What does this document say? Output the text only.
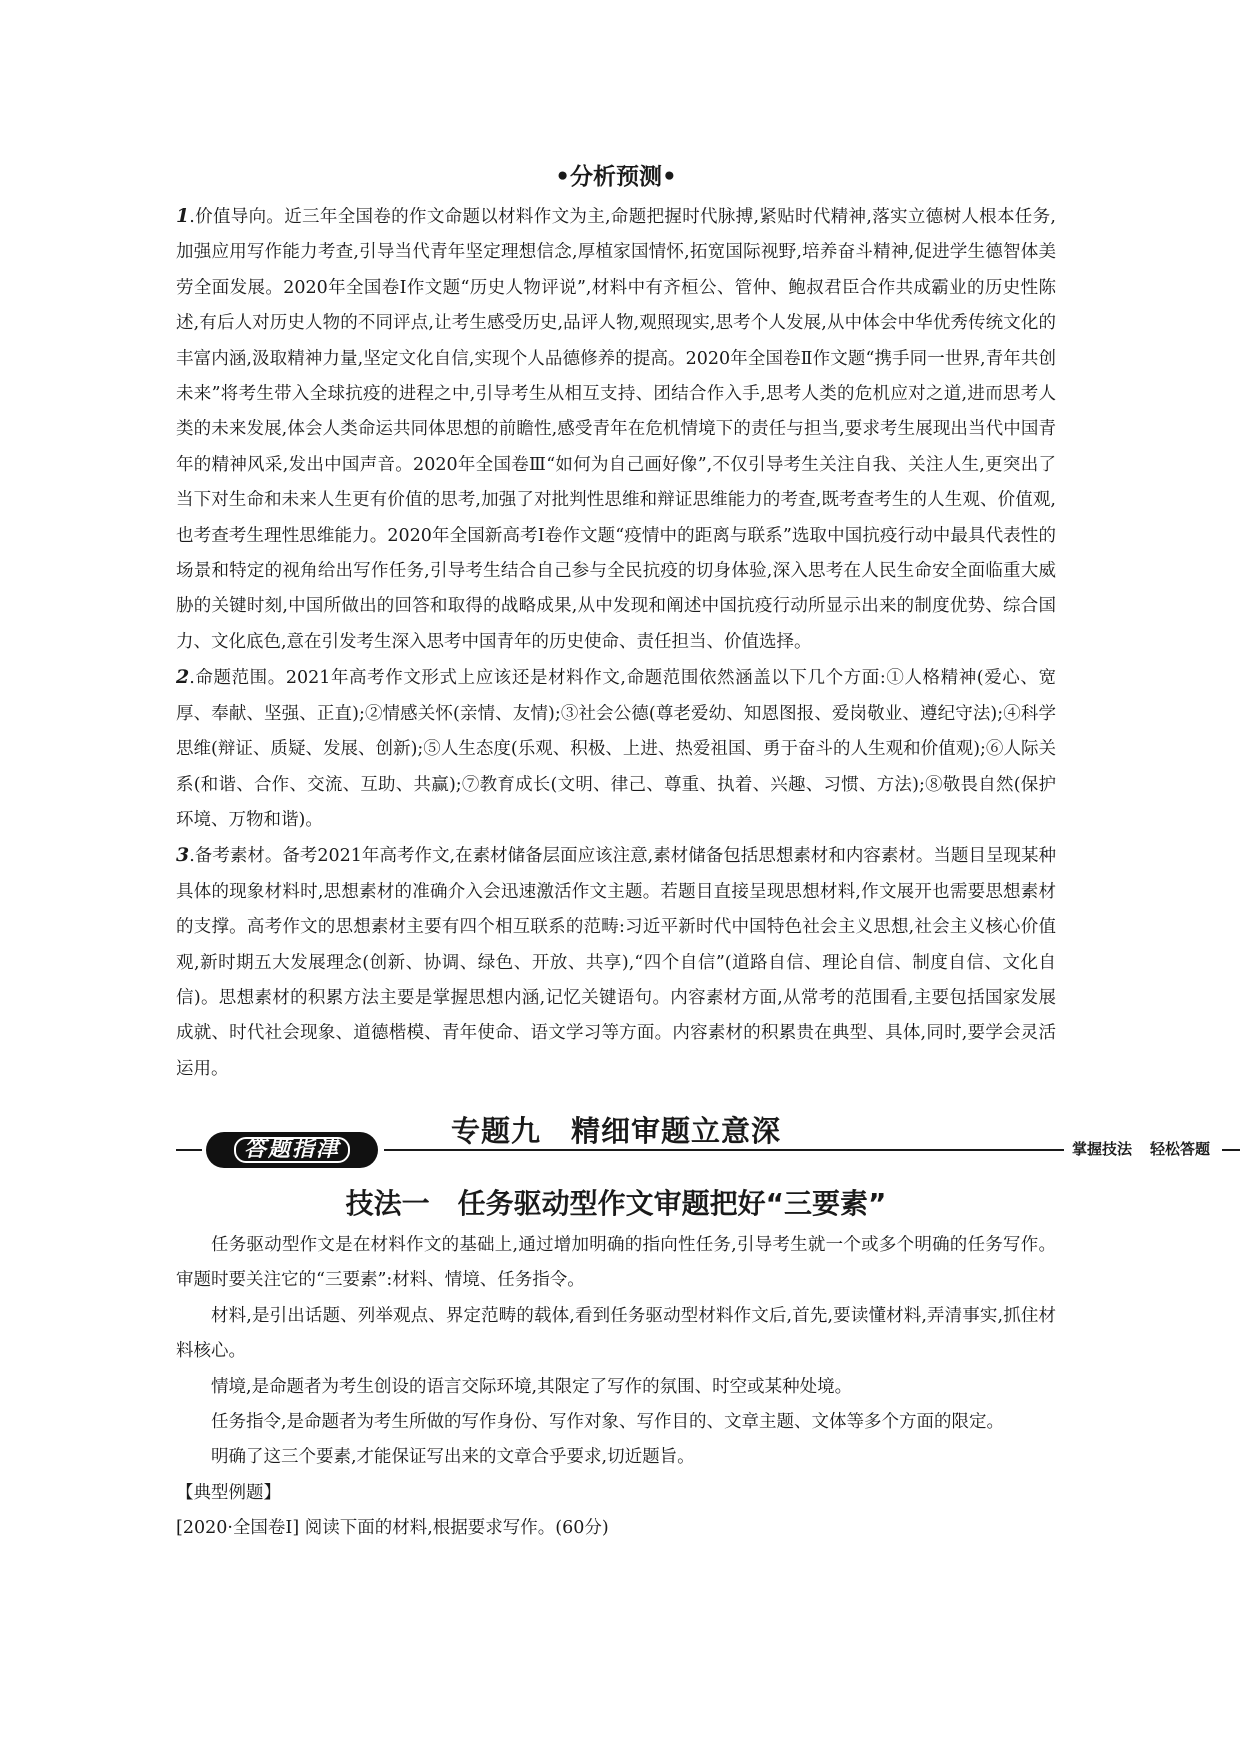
•分析预测•

1.价值导向。近三年全国卷的作文命题以材料作文为主,命题把握时代脉搏,紧贴时代精神,落实立德树人根本任务,加强应用写作能力考查,引导当代青年坚定理想信念,厚植家国情怀,拓宽国际视野,培养奋斗精神,促进学生德智体美劳全面发展。2020年全国卷Ⅰ作文题“历史人物评说”,材料中有齐桓公、管仲、鲍叔君臣合作共成霸业的历史性陈述,有后人对历史人物的不同评点,让考生感受历史,品评人物,观照现实,思考个人发展,从中体会中华优秀传统文化的丰富内涵,汲取精神力量,坚定文化自信,实现个人品德修养的提高。2020年全国卷Ⅱ作文题“携手同一世界,青年共创未来”将考生带入全球抗疫的进程之中,引导考生从相互支持、团结合作入手,思考人类的危机应对之道,进而思考人类的未来发展,体会人类命运共同体思想的前瞻性,感受青年在危机情境下的责任与担当,要求考生展现出当代中国青年的精神风采,发出中国声音。2020年全国卷Ⅲ“如何为自己画好像”,不仅引导考生关注自我、关注人生,更突出了当下对生命和未来人生更有价值的思考,加强了对批判性思维和辩证思维能力的考查,既考查考生的人生观、价值观,也考查考生理性思维能力。2020年全国新高考Ⅰ卷作文题“疫情中的距离与联系”选取中国抗疫行动中最具代表性的场景和特定的视角给出写作任务,引导考生结合自己参与全民抗疫的切身体验,深入思考在人民生命安全面临重大威胁的关键时刻,中国所做出的回答和取得的战略成果,从中发现和阐述中国抗疫行动所显示出来的制度优势、综合国力、文化底色,意在引发考生深入思考中国青年的历史使命、责任担当、价值选择。

2.命题范围。2021年高考作文形式上应该还是材料作文,命题范围依然涵盖以下几个方面:①人格精神(爱心、宽厚、奉献、坚强、正直);②情感关怀(亲情、友情);③社会公德(尊老爱幼、知恩图报、爱岗敬业、遵纪守法);④科学思维(辩证、质疑、发展、创新);⑤人生态度(乐观、积极、上进、热爱祖国、勇于奋斗的人生观和价值观);⑥人际关系(和谐、合作、交流、互助、共赢);⑦教育成长(文明、律己、尊重、执着、兴趣、习惯、方法);⑧敬畏自然(保护环境、万物和谐)。

3.备考素材。备考2021年高考作文,在素材储备层面应该注意,素材储备包括思想素材和内容素材。当题目呈现某种具体的现象材料时,思想素材的准确介入会迅速激活作文主题。若题目直接呈现思想材料,作文展开也需要思想素材的支撑。高考作文的思想素材主要有四个相互联系的范畴:习近平新时代中国特色社会主义思想,社会主义核心价值观,新时期五大发展理念(创新、协调、绿色、开放、共享),“四个自信”(道路自信、理论自信、制度自信、文化自信)。思想素材的积累方法主要是掌握思想内涵,记忆关键语句。内容素材方面,从常考的范围看,主要包括国家发展成就、时代社会现象、道德楷模、青年使命、语文学习等方面。内容素材的积累贵在典型、具体,同时,要学会灵活运用。

专题九　精细审题立意深
答题指津	掌握技法 轻松答题
技法一　任务驱动型作文审题把好“三要素”

任务驱动型作文是在材料作文的基础上,通过增加明确的指向性任务,引导考生就一个或多个明确的任务写作。审题时要关注它的“三要素”:材料、情境、任务指令。

材料,是引出话题、列举观点、界定范畴的载体,看到任务驱动型材料作文后,首先,要读懂材料,弄清事实,抓住材料核心。

情境,是命题者为考生创设的语言交际环境,其限定了写作的氛围、时空或某种处境。

任务指令,是命题者为考生所做的写作身份、写作对象、写作目的、文章主题、文体等多个方面的限定。

明确了这三个要素,才能保证写出来的文章合乎要求,切近题旨。

【典型例题】

[2020·全国卷Ⅰ] 阅读下面的材料,根据要求写作。(60分)
